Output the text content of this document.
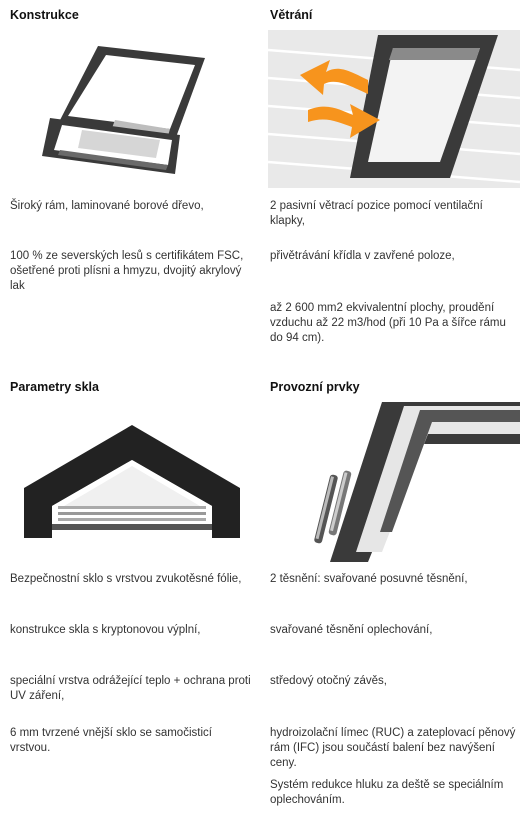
Konstrukce

Široký rám, laminované borové dřevo,

100 % ze severských lesů s certifikátem FSC, ošetřené proti plísni a hmyzu, dvojitý akrylový lak

Větrání

2 pasivní větrací pozice pomocí ventilační klapky,

přivětrávání křídla v zavřené poloze,

až 2 600 mm2 ekvivalentní plochy, proudění vzduchu až 22 m3/hod (při 10 Pa a šířce rámu do 94 cm).

Parametry skla

Bezpečnostní sklo s vrstvou zvukotěsné fólie,

konstrukce skla s kryptonovou výplní,

speciální vrstva odrážející teplo + ochrana proti UV záření,

6 mm tvrzené vnější sklo se samočisticí vrstvou.

Provozní prvky

2 těsnění: svařované posuvné těsnění,

svařované těsnění oplechování,

středový otočný závěs,

hydroizolační límec (RUC) a zateplovací pěnový rám (IFC) jsou součástí balení bez navýšení ceny.

Systém redukce hluku za deště se speciálním oplechováním.
